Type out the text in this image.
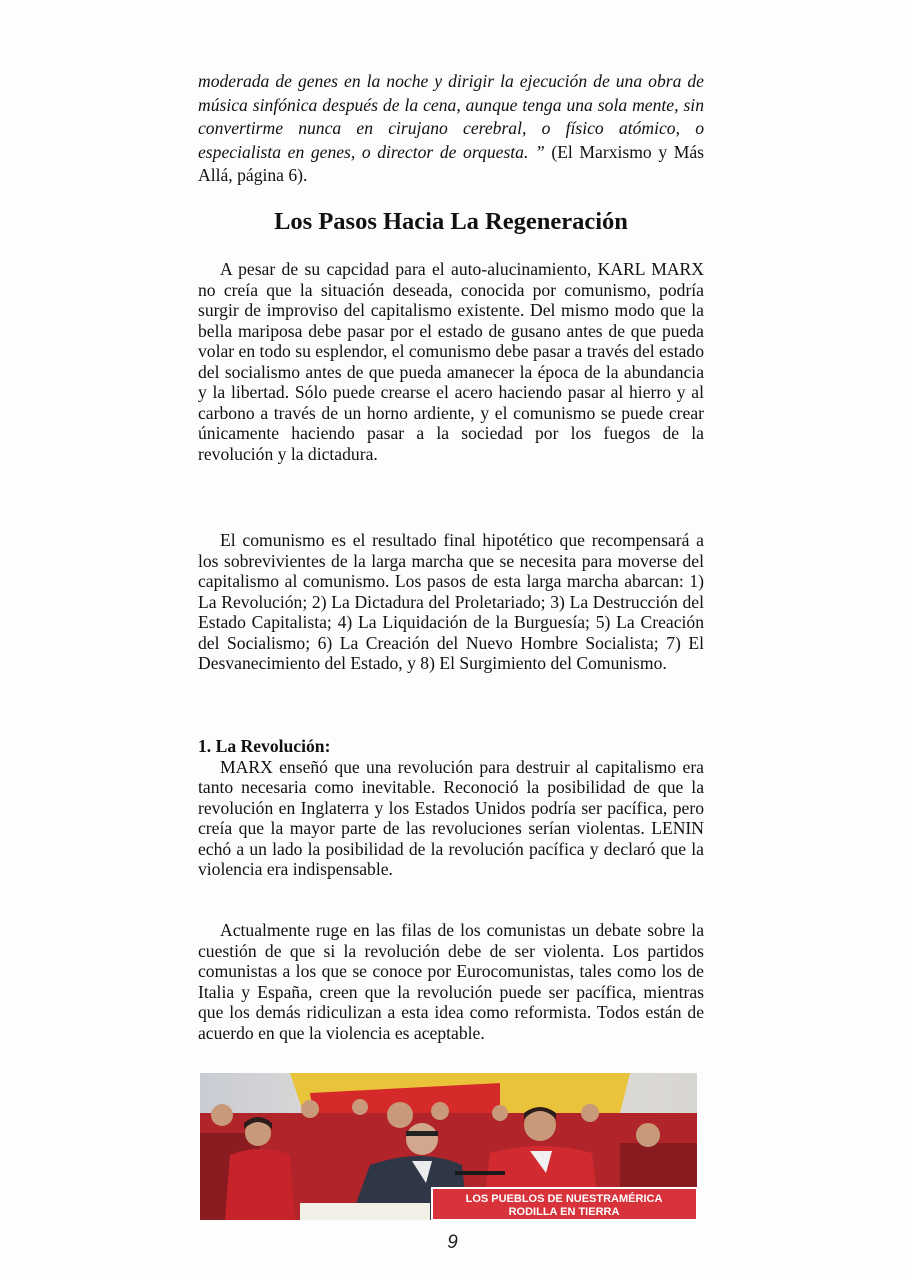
moderada de genes en la noche y dirigir la ejecución de una obra de música sinfónica después de la cena, aunque tenga una sola mente, sin convertirme nunca en cirujano cerebral, o físico atómico, o especialista en genes, o director de orquesta. ” (El Marxismo y Más Allá, página 6).
Los Pasos Hacia La Regeneración

A pesar de su capcidad para el auto-alucinamiento, KARL MARX no creía que la situación deseada, conocida por comunismo, podría surgir de improviso del capitalismo existente. Del mismo modo que la bella mariposa debe pasar por el estado de gusano antes de que pueda volar en todo su esplendor, el comunismo debe pasar a través del estado del socialismo antes de que pueda amanecer la época de la abundancia y la libertad. Sólo puede crearse el acero haciendo pasar al hierro y al carbono a través de un horno ardiente, y el comunismo se puede crear únicamente haciendo pasar a la sociedad por los fuegos de la revolución y la dictadura.

El comunismo es el resultado final hipotético que recompensará a los sobrevivientes de la larga marcha que se necesita para moverse del capitalismo al comunismo. Los pasos de esta larga marcha abarcan: 1) La Revolución; 2) La Dictadura del Proletariado; 3) La Destrucción del Estado Capitalista; 4) La Liquidación de la Burguesía; 5) La Creación del Socialismo; 6) La Creación del Nuevo Hombre Socialista; 7) El Desvanecimiento del Estado, y 8) El Surgimiento del Comunismo.

1. La Revolución:

MARX enseñó que una revolución para destruir al capitalismo era tanto necesaria como inevitable. Reconoció la posibilidad de que la revolución en Inglaterra y los Estados Unidos podría ser pacífica, pero creía que la mayor parte de las revoluciones serían violentas. LENIN echó a un lado la posibilidad de la revolución pacífica y declaró que la violencia era indispensable.

Actualmente ruge en las filas de los comunistas un debate sobre la cuestión de que si la revolución debe de ser violenta. Los partidos comunistas a los que se conoce por Eurocomunistas, tales como los de Italia y España, creen que la revolución puede ser pacífica, mientras que los demás ridiculizan a esta idea como reformista. Todos están de acuerdo en que la violencia es aceptable.

LOS PUEBLOS DE NUESTRAMÉRICA
RODILLA EN TIERRA
9
